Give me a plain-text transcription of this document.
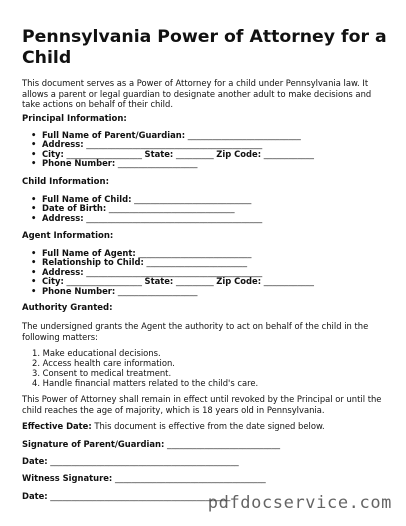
Pennsylvania Power of Attorney for a Child

This document serves as a Power of Attorney for a child under Pennsylvania law. It allows a parent or legal guardian to designate another adult to make decisions and take actions on behalf of their child.

Principal Information:

• Full Name of Parent/Guardian: ___________________________
• Address: __________________________________________
• City: __________________ State: _________ Zip Code: ____________
• Phone Number: ___________________

Child Information:

• Full Name of Child: ____________________________
• Date of Birth: ______________________________
• Address: __________________________________________

Agent Information:

• Full Name of Agent: ___________________________
• Relationship to Child: ________________________
• Address: __________________________________________
• City: __________________ State: _________ Zip Code: ____________
• Phone Number: ___________________

Authority Granted:

The undersigned grants the Agent the authority to act on behalf of the child in the following matters:

1. Make educational decisions.
2. Access health care information.
3. Consent to medical treatment.
4. Handle financial matters related to the child's care.

This Power of Attorney shall remain in effect until revoked by the Principal or until the child reaches the age of majority, which is 18 years old in Pennsylvania.

Effective Date: This document is effective from the date signed below.

Signature of Parent/Guardian: ___________________________

Date: _____________________________________________

Witness Signature: ____________________________________

Date: ___________________________________________

pdfdocservice.com
